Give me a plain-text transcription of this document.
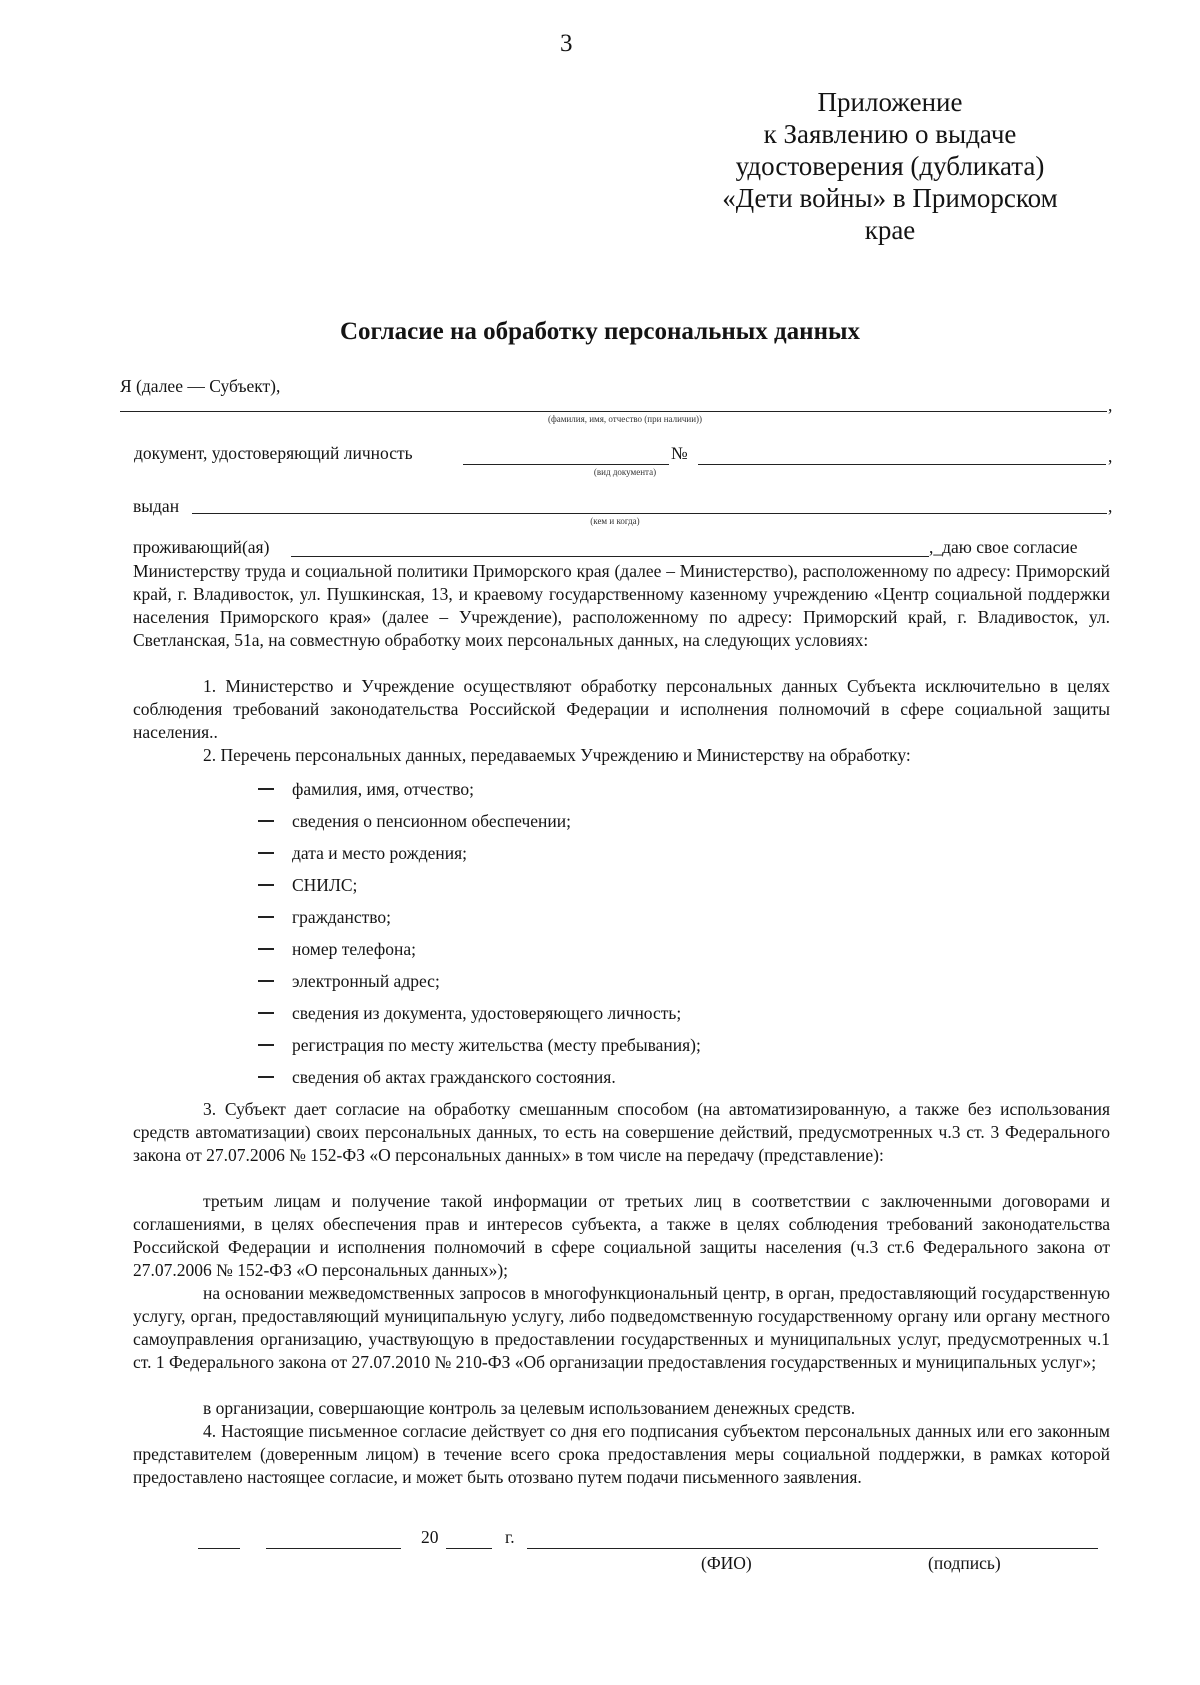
3
Приложение
к Заявлению о выдаче
удостоверения (дубликата)
«Дети войны» в Приморском
крае
Согласие на обработку персональных данных
Я (далее — Субъект),
,
(фамилия, имя, отчество (при наличии))
документ, удостоверяющий личность	№	,
(вид документа)
выдан	,
(кем и когда)
проживающий(ая)	,_даю свое согласие
Министерству труда и социальной политики Приморского края (далее – Министерство), расположенному по адресу: Приморский край, г. Владивосток, ул. Пушкинская, 13, и краевому государственному казенному учреждению «Центр социальной поддержки населения Приморского края» (далее – Учреждение), расположенному по адресу: Приморский край, г. Владивосток, ул. Светланская, 51а, на совместную обработку моих персональных данных, на следующих условиях:
1. Министерство и Учреждение осуществляют обработку персональных данных Субъекта исключительно в целях соблюдения требований законодательства Российской Федерации и исполнения полномочий в сфере социальной защиты населения..
2. Перечень персональных данных, передаваемых Учреждению и Министерству на обработку:
фамилия, имя, отчество;
сведения о пенсионном обеспечении;
дата и место рождения;
СНИЛС;
гражданство;
номер телефона;
электронный адрес;
сведения из документа, удостоверяющего личность;
регистрация по месту жительства (месту пребывания);
сведения об актах гражданского состояния.
3. Субъект дает согласие на обработку смешанным способом (на автоматизированную, а также без использования средств автоматизации) своих персональных данных, то есть на совершение действий, предусмотренных ч.3 ст. 3 Федерального закона от 27.07.2006 № 152-ФЗ «О персональных данных» в том числе на передачу (представление):
третьим лицам и получение такой информации от третьих лиц в соответствии с заключенными договорами и соглашениями, в целях обеспечения прав и интересов субъекта, а также в целях соблюдения требований законодательства Российской Федерации и исполнения полномочий в сфере социальной защиты населения (ч.3 ст.6 Федерального закона от 27.07.2006 № 152-ФЗ «О персональных данных»);
на основании межведомственных запросов в многофункциональный центр, в орган, предоставляющий государственную услугу, орган, предоставляющий муниципальную услугу, либо подведомственную государственному органу или органу местного самоуправления организацию, участвующую в предоставлении государственных и муниципальных услуг, предусмотренных ч.1 ст. 1 Федерального закона от 27.07.2010 № 210-ФЗ «Об организации предоставления государственных и муниципальных услуг»;
в организации, совершающие контроль за целевым использованием денежных средств.
4. Настоящие письменное согласие действует со дня его подписания субъектом персональных данных или его законным представителем (доверенным лицом) в течение всего срока предоставления меры социальной поддержки, в рамках которой предоставлено настоящее согласие, и может быть отозвано путем подачи письменного заявления.
20	г.
(ФИО)	(подпись)
